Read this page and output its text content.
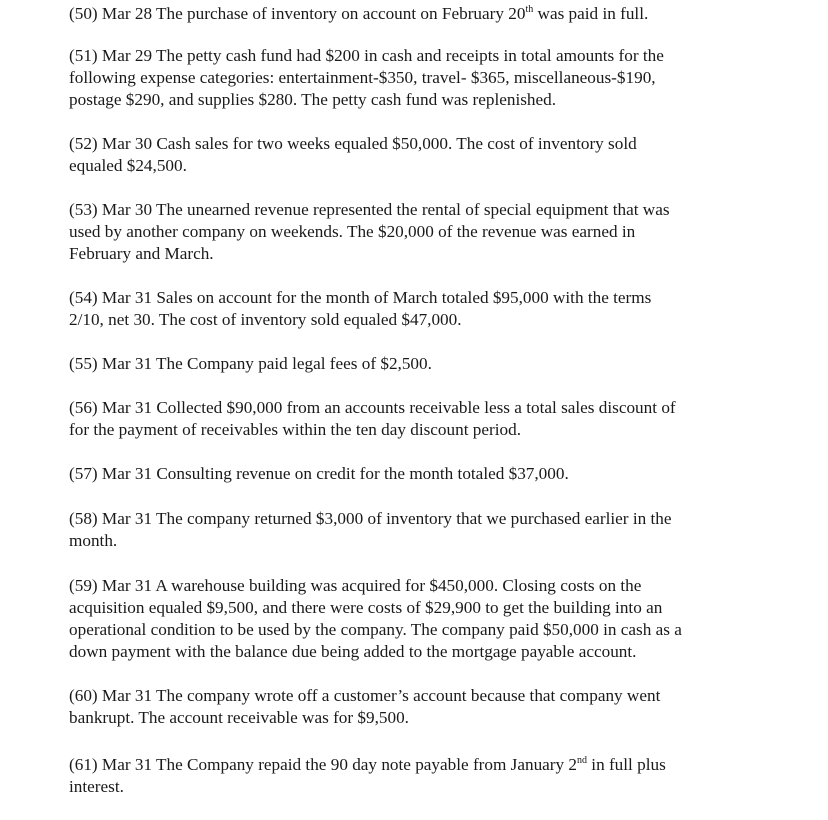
(50) Mar 28 The purchase of inventory on account on February 20th was paid in full.

(51) Mar 29 The petty cash fund had $200 in cash and receipts in total amounts for the
following expense categories: entertainment-$350, travel- $365, miscellaneous-$190,
postage $290, and supplies $280. The petty cash fund was replenished.

(52) Mar 30 Cash sales for two weeks equaled $50,000. The cost of inventory sold
equaled $24,500.

(53) Mar 30 The unearned revenue represented the rental of special equipment that was
used by another company on weekends. The $20,000 of the revenue was earned in
February and March.

(54) Mar 31 Sales on account for the month of March totaled $95,000 with the terms
2/10, net 30. The cost of inventory sold equaled $47,000.

(55) Mar 31 The Company paid legal fees of $2,500.

(56) Mar 31 Collected $90,000 from an accounts receivable less a total sales discount of
for the payment of receivables within the ten day discount period.

(57) Mar 31 Consulting revenue on credit for the month totaled $37,000.

(58) Mar 31 The company returned $3,000 of inventory that we purchased earlier in the
month.

(59) Mar 31 A warehouse building was acquired for $450,000. Closing costs on the
acquisition equaled $9,500, and there were costs of $29,900 to get the building into an
operational condition to be used by the company. The company paid $50,000 in cash as a
down payment with the balance due being added to the mortgage payable account.

(60) Mar 31 The company wrote off a customer’s account because that company went
bankrupt. The account receivable was for $9,500.

(61) Mar 31 The Company repaid the 90 day note payable from January 2nd in full plus
interest.
